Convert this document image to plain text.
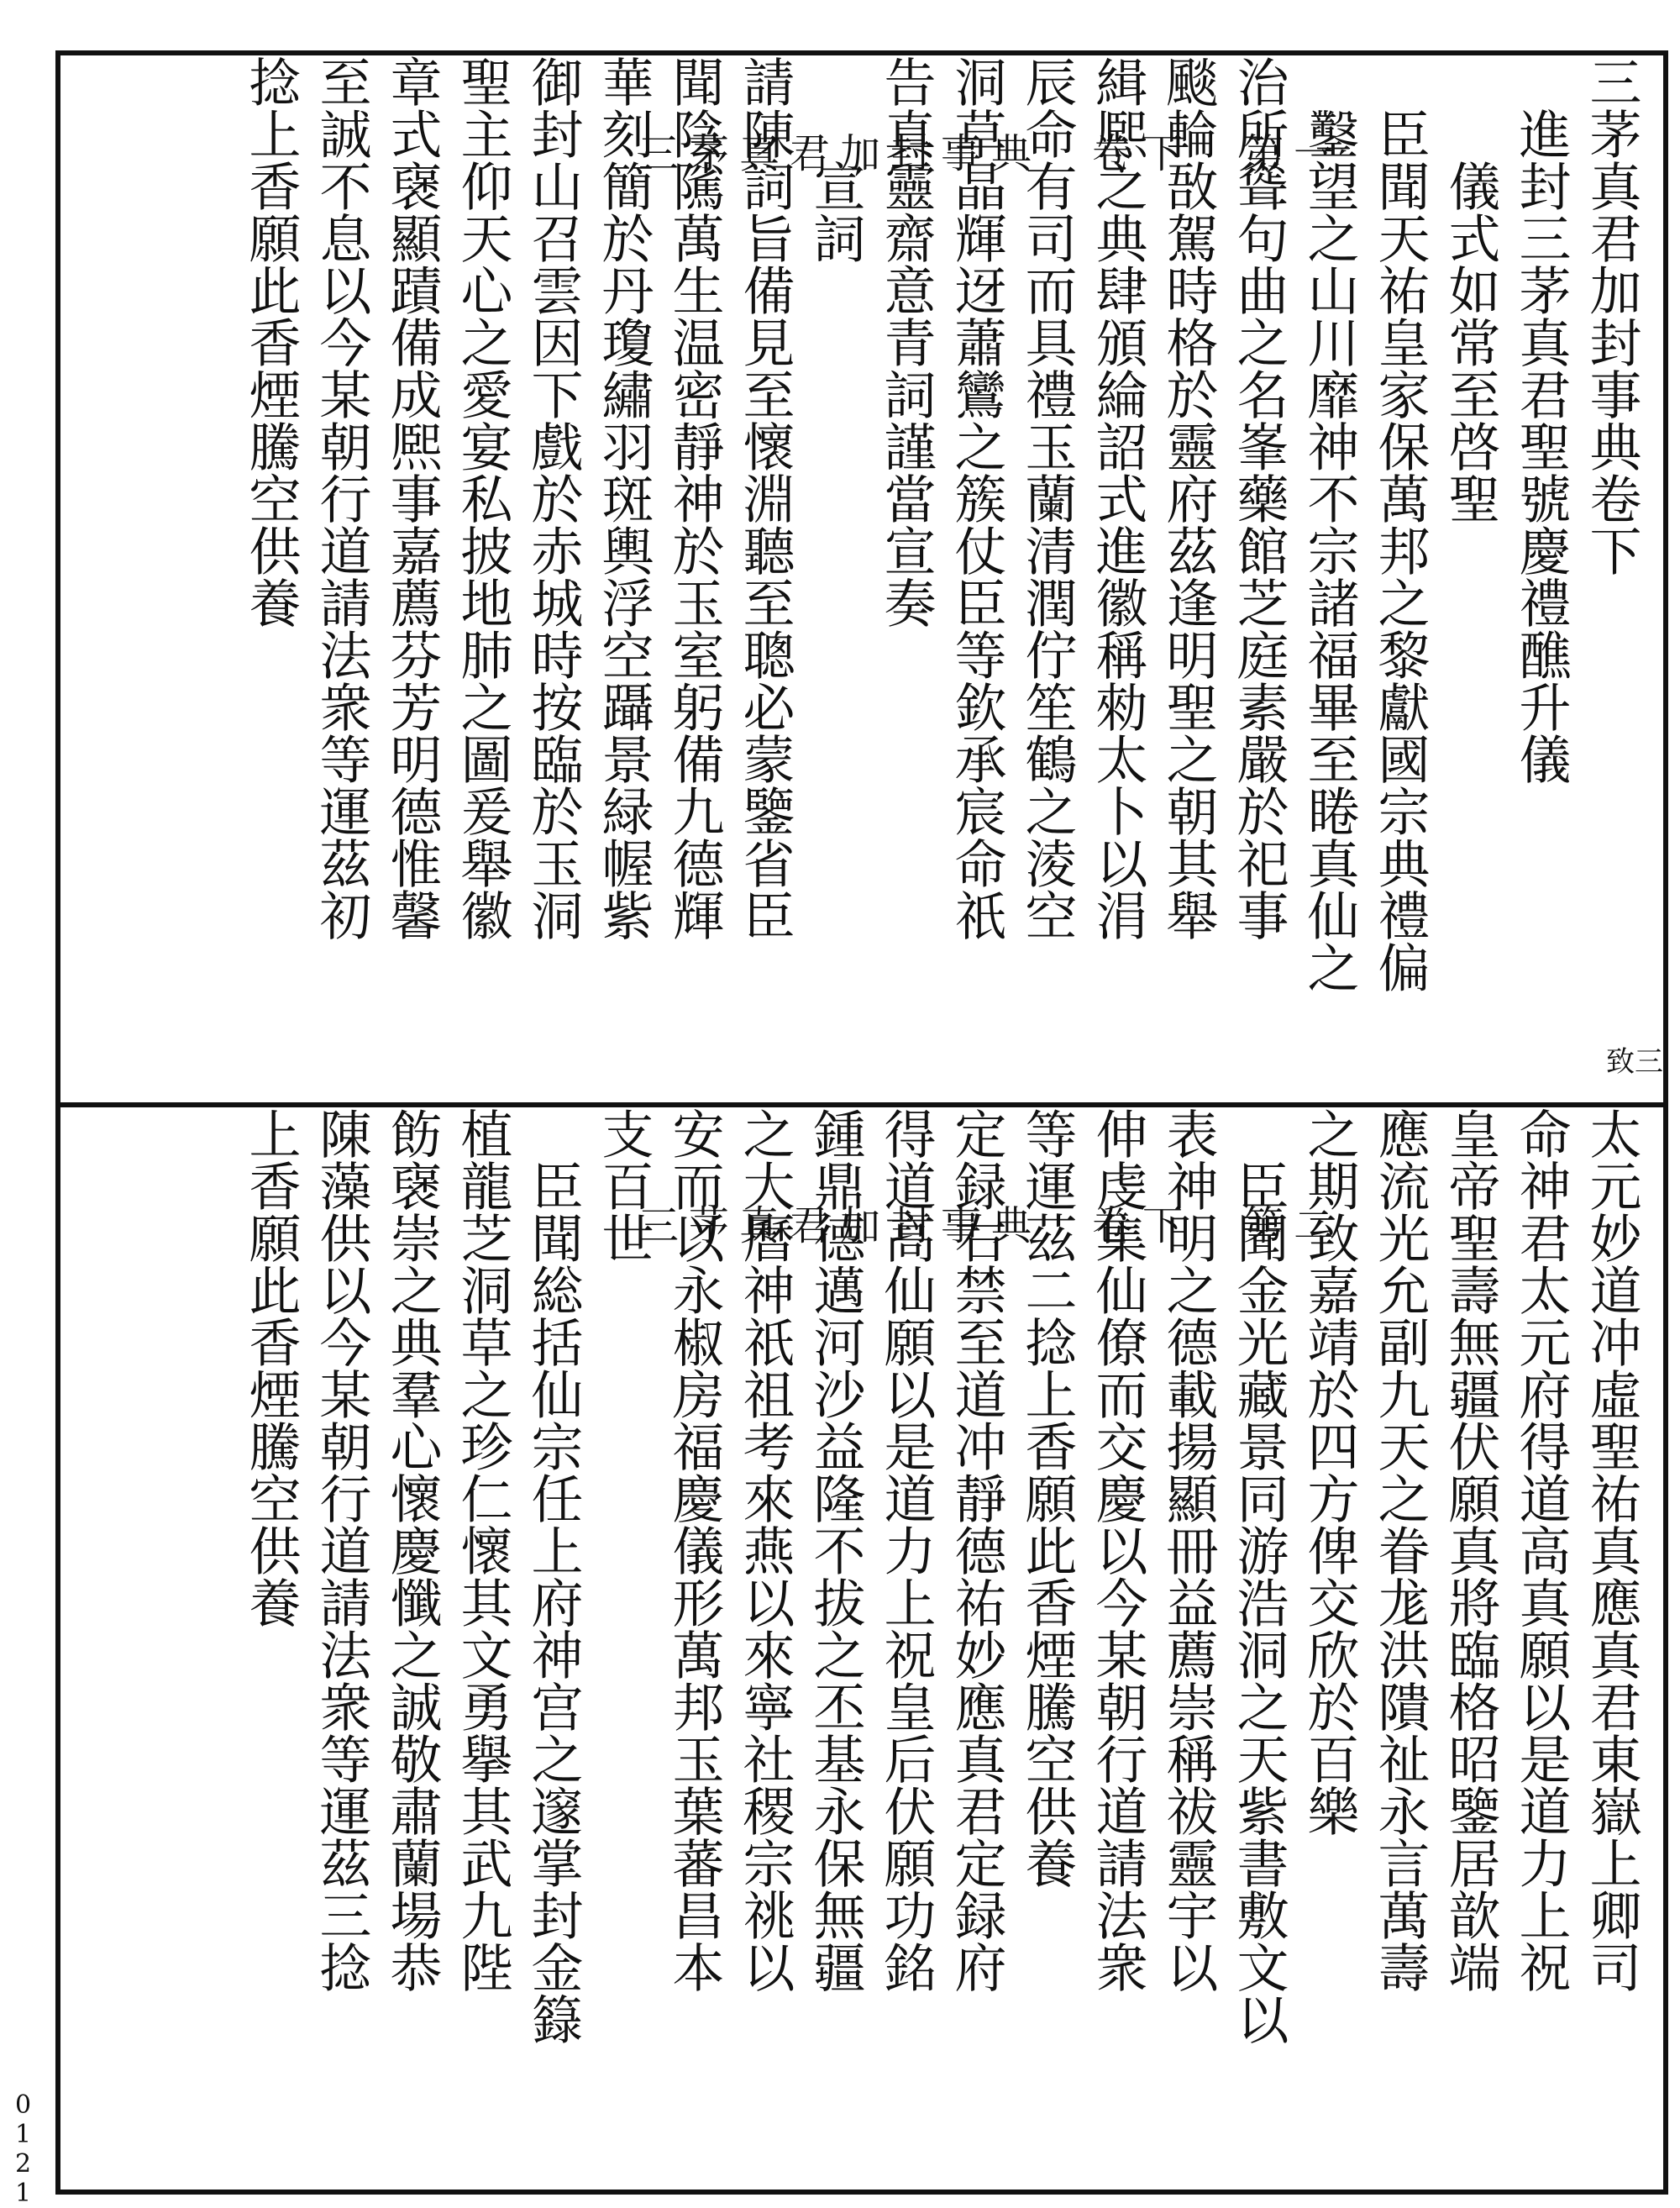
0121
三茅真君加封事典卷下
　進封三茅真君聖號慶禮醮升儀
　　儀式如常至啓聖
　臣聞天祐皇家保萬邦之黎獻國宗典禮偏
　鑿望之山川靡神不宗諸福畢至睠真仙之
治所聳句曲之名峯藥館芝庭素嚴於祀事
颷輪敔駕時格於靈府茲逢明聖之朝其舉
緝熈之典肆頒綸詔式進徽稱勑太卜以涓
辰命有司而具禮玉蘭清潤佇笙鶴之淩空
洞草晶輝迓蕭鸞之簇仗臣等欽承宸命祇
告真靈齋意青詞謹當宣奏
　　宣詞
請陳詞旨備見至懷淵聽至聰必蒙鑒省臣
聞陰隲萬生温密靜神於玉室躬備九德輝
華刻簡於丹瓊繡羽斑輿浮空躡景緑幄紫
御封山召雲因下戲於赤城時按臨於玉洞
聖主仰天心之愛宴私披地肺之圖爰舉徽
章式襃顯蹟備成熈事嘉薦芬芳明德惟馨
至誠不息以今某朝行道請法衆等運茲初
捻上香願此香煙騰空供養
致三
三茅真君加封事典　卷下　第一
太元妙道冲虛聖祐真應真君東嶽上卿司
命神君太元府得道高真願以是道力上祝
皇帝聖壽無疆伏願真將臨格昭鑒居歆端
應流光允副九天之眷尨洪隤祉永言萬壽
之期致嘉靖於四方俾交欣於百樂
　臣聞金光藏景同游浩洞之天紫書敷文以
表神明之德載揚顯冊益薦崇稱祓靈宇以
伸虔集仙僚而交慶以今某朝行道請法衆
等運茲二捻上香願此香煙騰空供養
定録右禁至道冲靜德祐妙應真君定録府
得道高仙願以是道力上祝皇后伏願功銘
鍾鼎德邁河沙益隆不拔之丕基永保無疆
之大曆神祇祖考來燕以來寧社稷宗祧以
安而以永椒房福慶儀形萬邦玉葉蕃昌本
支百世
　臣聞総括仙宗任上府神宫之邃掌封金籙
植龍芝洞草之珍仁懷其文勇擧其武九陛
飭襃崇之典羣心懷慶懺之誠敬肅蘭場恭
陳藻供以今某朝行道請法衆等運茲三捻
上香願此香煙騰空供養	三茅真君加封事典　卷下　第二
